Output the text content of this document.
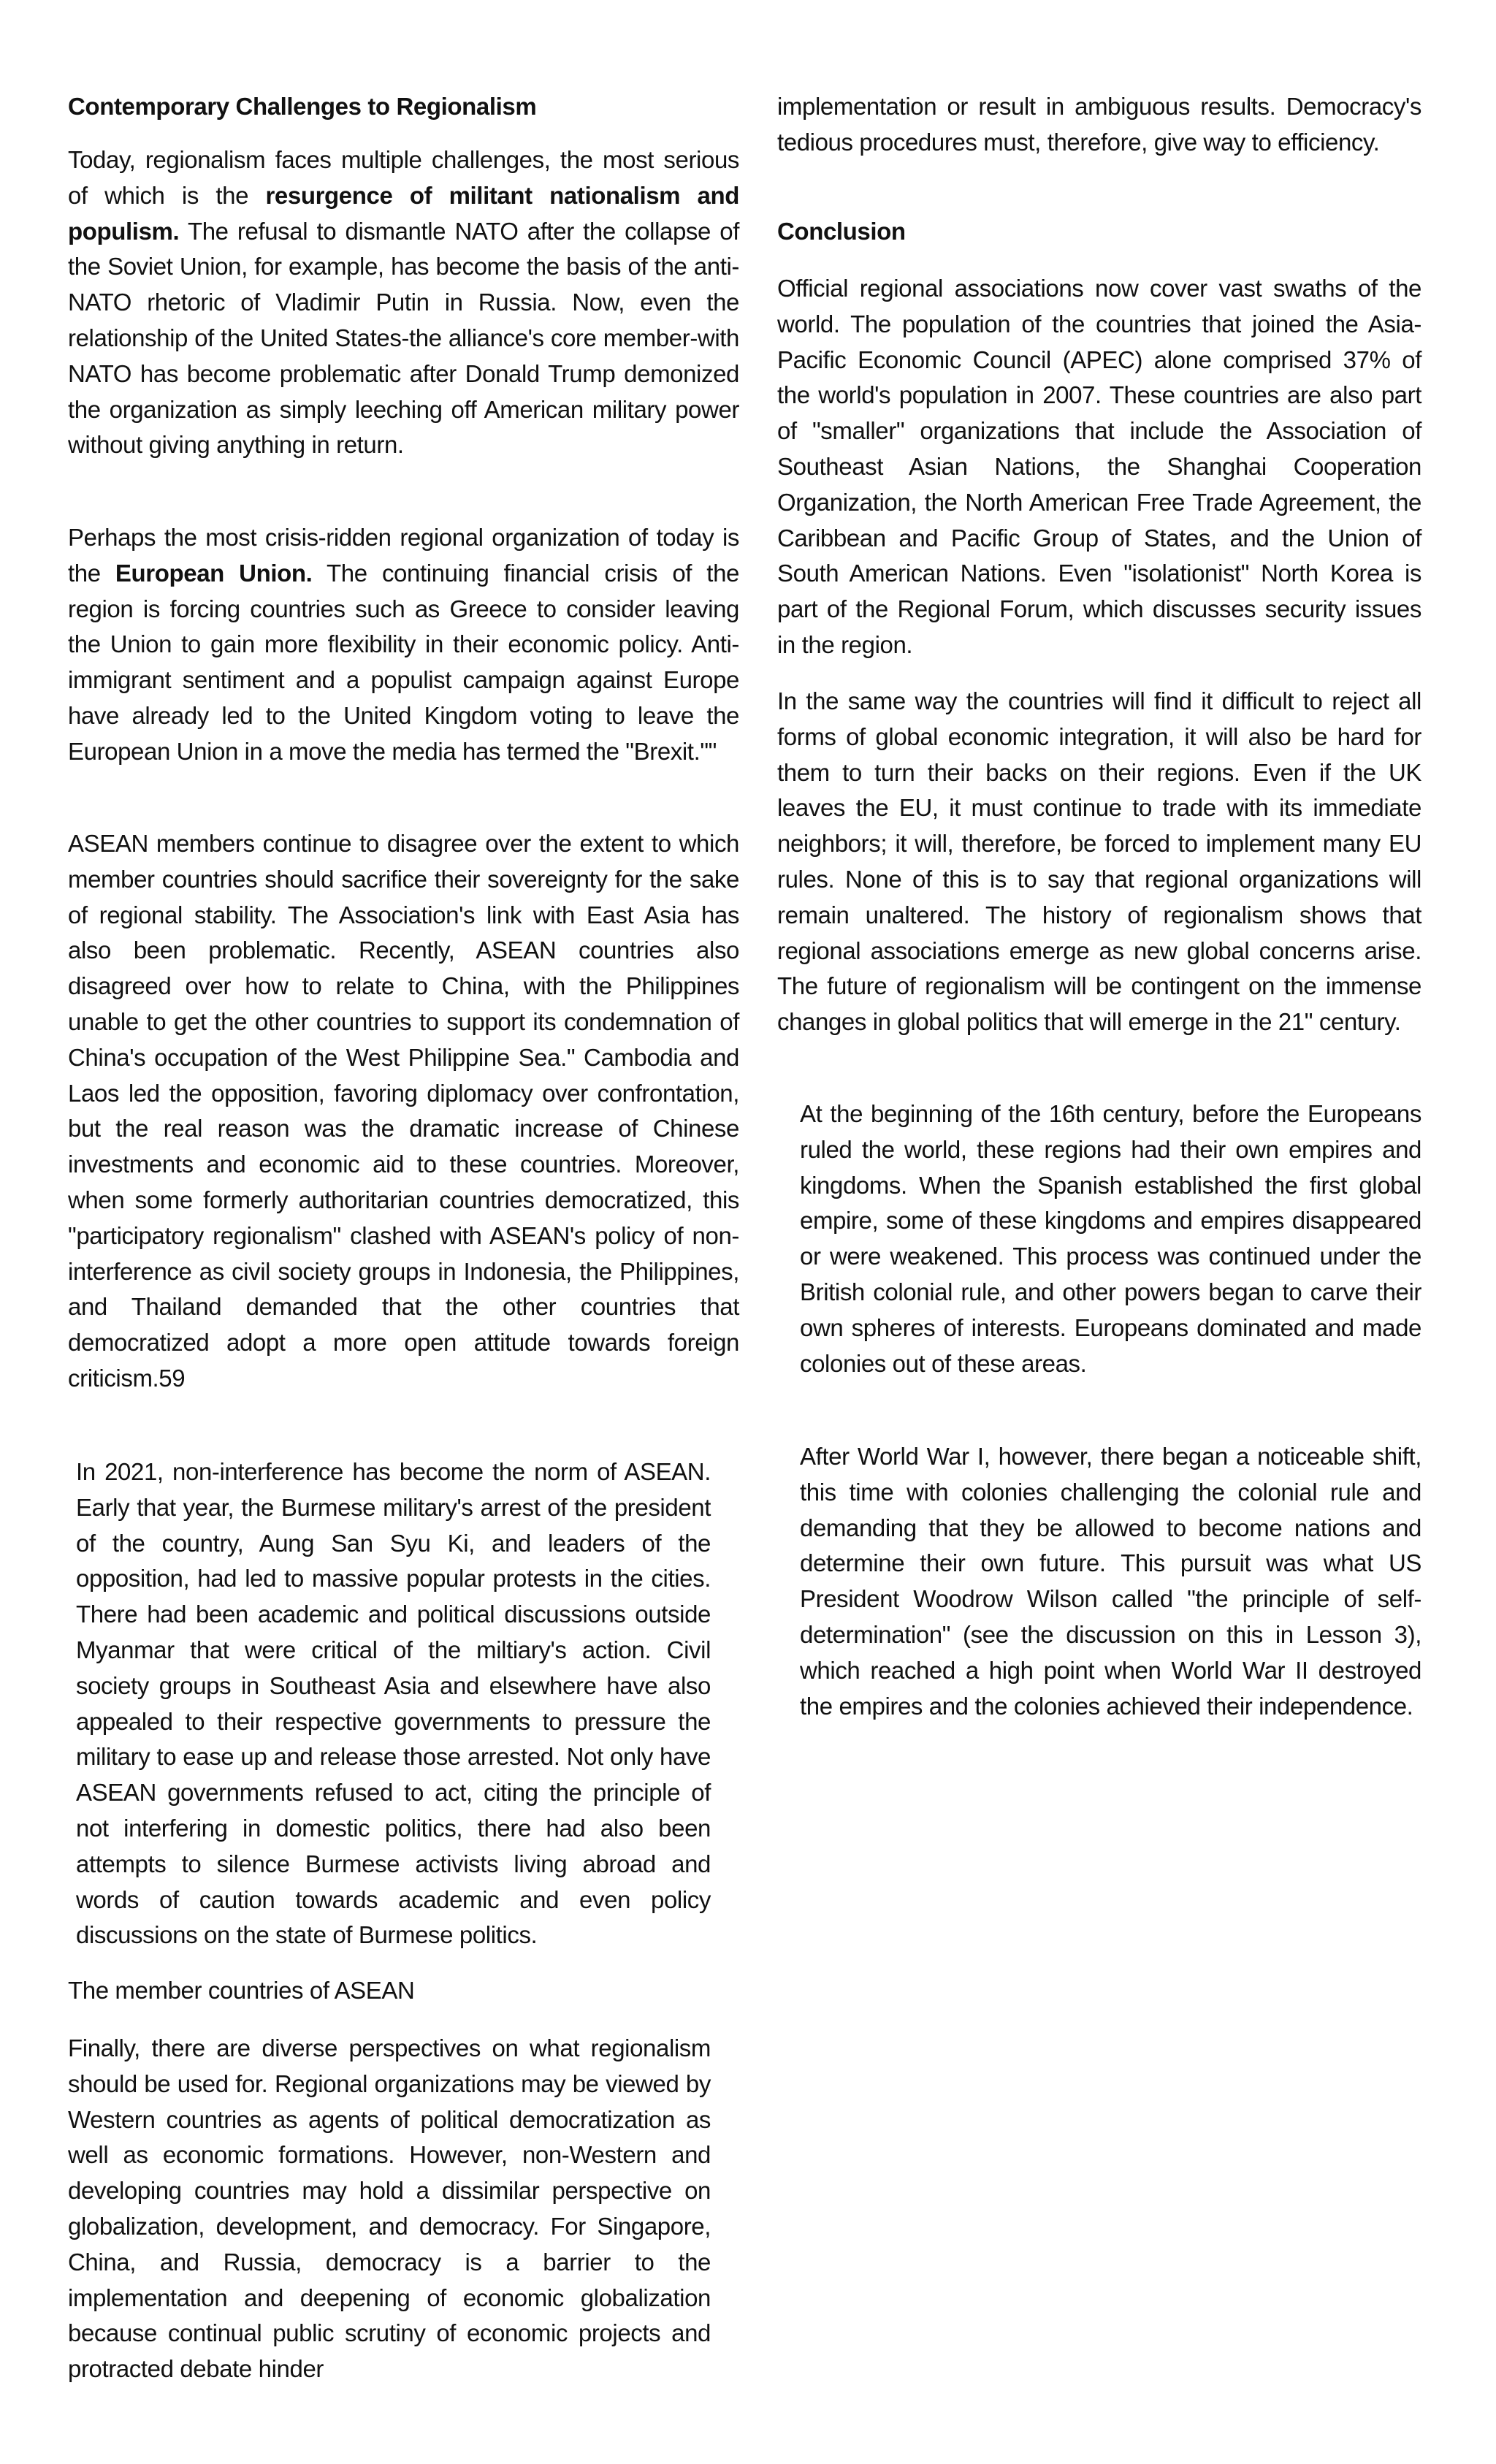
Contemporary Challenges to Regionalism

Today, regionalism faces multiple challenges, the most serious of which is the resurgence of militant nationalism and populism. The refusal to dismantle NATO after the collapse of the Soviet Union, for example, has become the basis of the anti-NATO rhetoric of Vladimir Putin in Russia. Now, even the relationship of the United States-the alliance's core member-with NATO has become problematic after Donald Trump demonized the organization as simply leeching off American military power without giving anything in return.

Perhaps the most crisis-ridden regional organization of today is the European Union. The continuing financial crisis of the region is forcing countries such as Greece to consider leaving the Union to gain more flexibility in their economic policy. Anti- immigrant sentiment and a populist campaign against Europe have already led to the United Kingdom voting to leave the European Union in a move the media has termed the "Brexit.""

ASEAN members continue to disagree over the extent to which member countries should sacrifice their sovereignty for the sake of regional stability. The Association's link with East Asia has also been problematic. Recently, ASEAN countries also disagreed over how to relate to China, with the Philippines unable to get the other countries to support its condemnation of China's occupation of the West Philippine Sea." Cambodia and Laos led the opposition, favoring diplomacy over confrontation, but the real reason was the dramatic increase of Chinese investments and economic aid to these countries. Moreover, when some formerly authoritarian countries democratized, this "participatory regionalism" clashed with ASEAN's policy of non-interference as civil society groups in Indonesia, the Philippines, and Thailand demanded that the other countries that democratized adopt a more open attitude towards foreign criticism.59

In 2021, non-interference has become the norm of ASEAN. Early that year, the Burmese military's arrest of the president of the country, Aung San Syu Ki, and leaders of the opposition, had led to massive popular protests in the cities. There had been academic and political discussions outside Myanmar that were critical of the miltiary's action. Civil society groups in Southeast Asia and elsewhere have also appealed to their respective governments to pressure the military to ease up and release those arrested. Not only have ASEAN governments refused to act, citing the principle of not interfering in domestic politics, there had also been attempts to silence Burmese activists living abroad and words of caution towards academic and even policy discussions on the state of Burmese politics.

The member countries of ASEAN

Finally, there are diverse perspectives on what regionalism should be used for. Regional organizations may be viewed by Western countries as agents of political democratization as well as economic formations. However, non-Western and developing countries may hold a dissimilar perspective on globalization, development, and democracy. For Singapore, China, and Russia, democracy is a barrier to the implementation and deepening of economic globalization because continual public scrutiny of economic projects and protracted debate hinder

implementation or result in ambiguous results. Democracy's tedious procedures must, therefore, give way to efficiency.

Conclusion

Official regional associations now cover vast swaths of the world. The population of the countries that joined the Asia-Pacific Economic Council (APEC) alone comprised 37% of the world's population in 2007. These countries are also part of "smaller" organizations that include the Association of Southeast Asian Nations, the Shanghai Cooperation Organization, the North American Free Trade Agreement, the Caribbean and Pacific Group of States, and the Union of South American Nations. Even "isolationist" North Korea is part of the Regional Forum, which discusses security issues in the region.

In the same way the countries will find it difficult to reject all forms of global economic integration, it will also be hard for them to turn their backs on their regions. Even if the UK leaves the EU, it must continue to trade with its immediate neighbors; it will, therefore, be forced to implement many EU rules. None of this is to say that regional organizations will remain unaltered. The history of regionalism shows that regional associations emerge as new global concerns arise. The future of regionalism will be contingent on the immense changes in global politics that will emerge in the 21" century.

At the beginning of the 16th century, before the Europeans ruled the world, these regions had their own empires and kingdoms. When the Spanish established the first global empire, some of these kingdoms and empires disappeared or were weakened. This process was continued under the British colonial rule, and other powers began to carve their own spheres of interests. Europeans dominated and made colonies out of these areas.

After World War I, however, there began a noticeable shift, this time with colonies challenging the colonial rule and demanding that they be allowed to become nations and determine their own future. This pursuit was what US President Woodrow Wilson called "the principle of self-determination" (see the discussion on this in Lesson 3), which reached a high point when World War II destroyed the empires and the colonies achieved their independence.
